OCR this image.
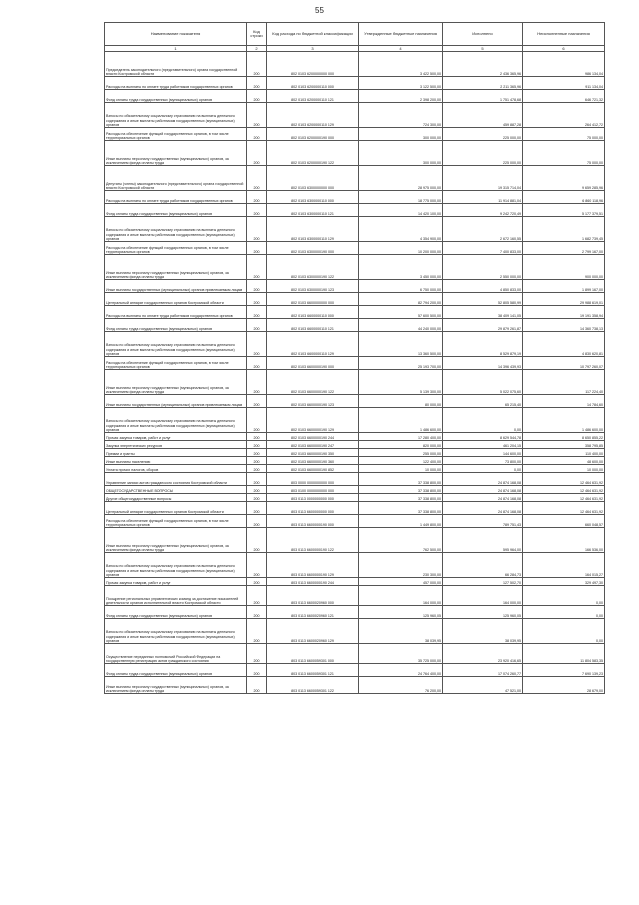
55
Наименование показателя	Код строки	Код расхода по бюджетной классификации	Утвержденные бюджетные назначения	Исполнено	Неисполненные назначения
1	2	3	4	5	6
Председатель законодательного (представительного) органа государственной власти Костромской области	200	802 0103 6200000000 000	3 422 500,00	2 436 365,96	986 134,04
Расходы на выплаты по оплате труда работников государственных органов	200	802 0103 6200000110 000	3 122 500,00	2 211 365,96	911 134,04
Фонд оплаты труда государственных (муниципальных) органов	200	802 0103 6200000110 121	2 398 200,00	1 751 478,68	646 721,32
Взносы по обязательному социальному страхованию на выплаты денежного содержания и иные выплаты работникам государственных (муниципальных) органов	200	802 0103 6200000110 129	724 300,00	459 887,28	264 412,72
Расходы на обеспечение функций государственных органов, в том числе территориальных органов	200	802 0103 6200000190 000	300 000,00	225 000,00	75 000,00
Иные выплаты персоналу государственных (муниципальных) органов, за исключением фонда оплаты труда	200	802 0103 6200000190 122	300 000,00	225 000,00	75 000,00
Депутаты (члены) законодательного (представительного) органа государственной власти Костромской области	200	802 0103 6300000000 000	28 975 000,00	19 315 714,04	9 659 285,96
Расходы на выплаты по оплате труда работников государственных органов	200	802 0103 6300000110 000	18 775 000,00	11 914 881,04	6 860 118,96
Фонд оплаты труда государственных (муниципальных) органов	200	802 0103 6300000110 121	14 420 100,00	9 242 720,49	5 177 379,51
Взносы по обязательному социальному страхованию на выплаты денежного содержания и иные выплаты работникам государственных (муниципальных) органов	200	802 0103 6300000110 129	4 354 900,00	2 672 160,55	1 682 739,45
Расходы на обеспечение функций государственных органов, в том числе территориальных органов	200	802 0103 6300000190 000	10 200 000,00	7 400 833,00	2 799 167,00
Иные выплаты персоналу государственных (муниципальных) органов, за исключением фонда оплаты труда	200	802 0103 6300000190 122	3 450 000,00	2 550 000,00	900 000,00
Иные выплаты государственных (муниципальных) органов привлекаемым лицам	200	802 0103 6300000190 123	6 750 000,00	4 850 833,00	1 899 167,00
Центральный аппарат государственных органов Костромской области	200	802 0103 6600000000 000	82 794 200,00	52 805 580,99	29 988 619,01
Расходы на выплаты по оплате труда работников государственных органов	200	802 0103 6600000110 000	57 600 500,00	38 409 141,05	19 191 358,94
Фонд оплаты труда государственных (муниципальных) органов	200	802 0103 6600000110 121	44 240 000,00	29 879 261,87	14 360 738,13
Взносы по обязательному социальному страхованию на выплаты денежного содержания и иные выплаты работникам государственных (муниципальных) органов	200	802 0103 6600000110 129	13 360 500,00	8 529 879,19	4 830 620,81
Расходы на обеспечение функций государственных органов, в том числе территориальных органов	200	802 0103 6600000190 000	25 193 700,00	14 396 439,93	10 797 260,07
Иные выплаты персоналу государственных (муниципальных) органов, за исключением фонда оплаты труда	200	802 0103 6600000190 122	5 139 300,00	5 022 075,60	117 224,40
Иные выплаты государственных (муниципальных) органов привлекаемым лицам	200	802 0103 6600000190 123	80 000,00	65 215,40	14 784,60
Взносы по обязательному социальному страхованию на выплаты денежного содержания и иные выплаты работникам государственных (муниципальных) органов	200	802 0103 6600000190 129	1 486 600,00	0,00	1 486 600,00
Прочая закупка товаров, работ и услуг	200	802 0103 6600000190 244	17 280 400,00	8 629 544,78	8 650 855,22
Закупка энергетических ресурсов	200	802 0103 6600000190 247	820 000,00	461 204,15	358 795,85
Премии и гранты	200	802 0103 6600000190 350	255 000,00	144 600,00	110 400,00
Иные выплаты населению	200	802 0103 6600000190 360	122 400,00	73 800,00	48 600,00
Уплата прочих налогов, сборов	200	802 0103 6600000190 852	10 000,00	0,00	10 000,00
Управление записи актов гражданского состояния Костромской области	200	803 0000 0000000000 000	37 338 800,00	24 874 168,08	12 464 631,92
ОБЩЕГОСУДАРСТВЕННЫЕ ВОПРОСЫ	200	803 0100 0000000000 000	37 338 800,00	24 874 168,08	12 464 631,92
Другие общегосударственные вопросы	200	803 0113 0000000000 000	37 338 800,00	24 874 168,08	12 464 631,92
Центральный аппарат государственных органов Костромской области	200	803 0113 6600000000 000	37 338 800,00	24 874 168,08	12 464 631,92
Расходы на обеспечение функций государственных органов, в том числе территориальных органов	200	803 0113 6600000190 000	1 449 800,00	789 751,43	660 048,57
Иные выплаты персоналу государственных (муниципальных) органов, за исключением фонда оплаты труда	200	803 0113 6600000190 122	762 500,00	595 964,00	166 536,00
Взносы по обязательному социальному страхованию на выплаты денежного содержания и иные выплаты работникам государственных (муниципальных) органов	200	803 0113 6600000190 129	230 300,00	66 284,73	164 015,27
Прочая закупка товаров, работ и услуг	200	803 0113 6600000190 244	457 000,00	127 502,70	329 497,30
Поощрение региональных управленческих команд за достижение показателей деятельности органов исполнительной власти Костромской области	200	803 0113 6600020960 000	164 000,00	164 000,00	0,00
Фонд оплаты труда государственных (муниципальных) органов	200	803 0113 6600020960 121	125 960,05	125 960,05	0,00
Взносы по обязательному социальному страхованию на выплаты денежного содержания и иные выплаты работникам государственных (муниципальных) органов	200	803 0113 6600020960 129	38 039,95	38 039,95	0,00
Осуществление переданных полномочий Российской Федерации на государственную регистрацию актов гражданского состояния	200	803 0113 6600059301 000	35 725 000,00	23 920 416,65	11 804 583,35
Фонд оплаты труда государственных (муниципальных) органов	200	803 0113 6600059301 121	24 764 400,00	17 074 260,77	7 690 139,23
Иные выплаты персоналу государственных (муниципальных) органов, за исключением фонда оплаты труда	200	803 0113 6600059301 122	76 200,00	47 521,00	28 679,00
